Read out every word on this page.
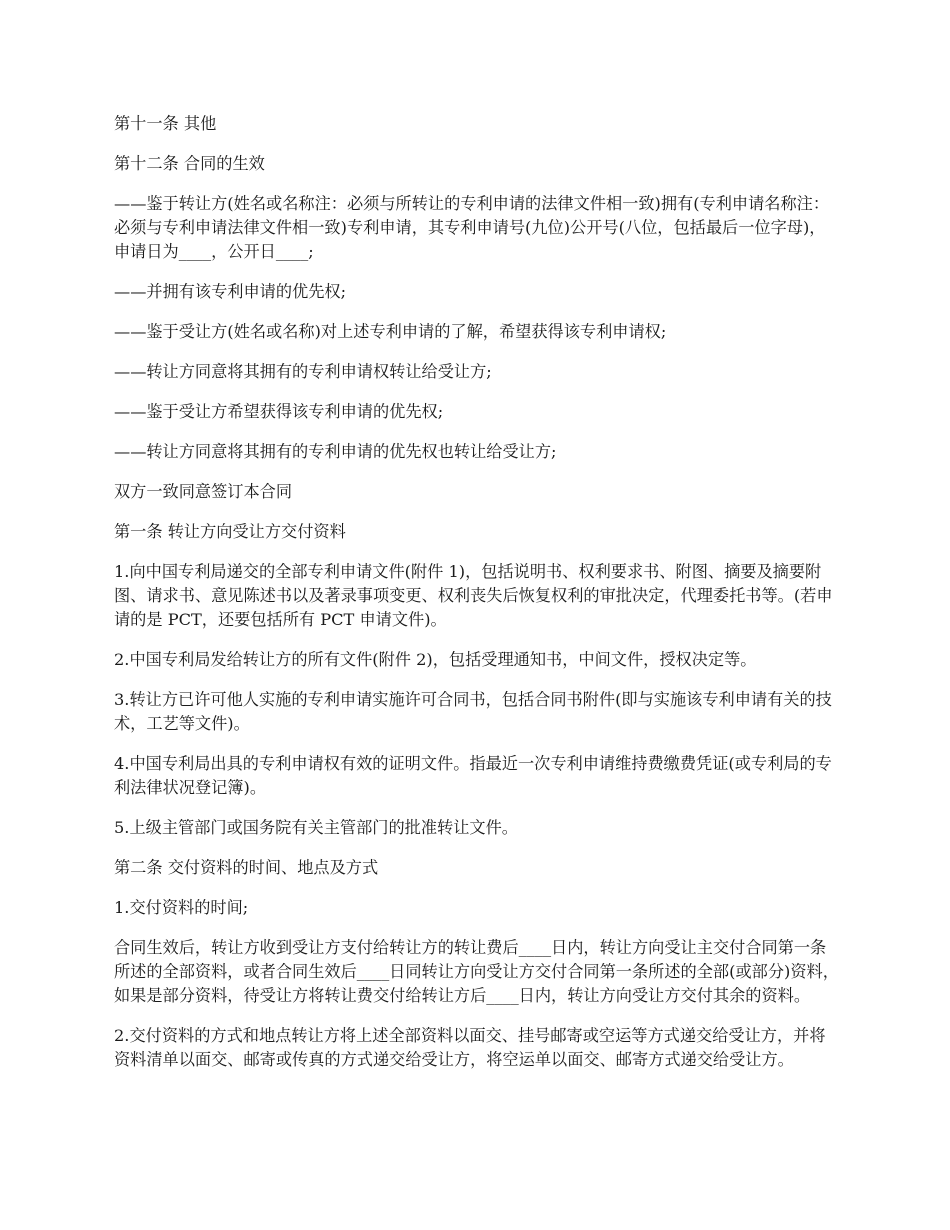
第十一条 其他

第十二条 合同的生效

——鉴于转让方(姓名或名称注：必须与所转让的专利申请的法律文件相一致)拥有(专利申请名称注：必须与专利申请法律文件相一致)专利申请，其专利申请号(九位)公开号(八位，包括最后一位字母)，申请日为____，公开日____;

——并拥有该专利申请的优先权;

——鉴于受让方(姓名或名称)对上述专利申请的了解，希望获得该专利申请权;

——转让方同意将其拥有的专利申请权转让给受让方;

——鉴于受让方希望获得该专利申请的优先权;

——转让方同意将其拥有的专利申请的优先权也转让给受让方;

双方一致同意签订本合同

第一条 转让方向受让方交付资料

1.向中国专利局递交的全部专利申请文件(附件 1)，包括说明书、权利要求书、附图、摘要及摘要附图、请求书、意见陈述书以及著录事项变更、权利丧失后恢复权利的审批决定，代理委托书等。(若申请的是 PCT，还要包括所有 PCT 申请文件)。

2.中国专利局发给转让方的所有文件(附件 2)，包括受理通知书，中间文件，授权决定等。

3.转让方已许可他人实施的专利申请实施许可合同书，包括合同书附件(即与实施该专利申请有关的技术，工艺等文件)。

4.中国专利局出具的专利申请权有效的证明文件。指最近一次专利申请维持费缴费凭证(或专利局的专利法律状况登记簿)。

5.上级主管部门或国务院有关主管部门的批准转让文件。

第二条 交付资料的时间、地点及方式

1.交付资料的时间;

合同生效后，转让方收到受让方支付给转让方的转让费后____日内，转让方向受让主交付合同第一条所述的全部资料，或者合同生效后____日同转让方向受让方交付合同第一条所述的全部(或部分)资料，如果是部分资料，待受让方将转让费交付给转让方后____日内，转让方向受让方交付其余的资料。

2.交付资料的方式和地点转让方将上述全部资料以面交、挂号邮寄或空运等方式递交给受让方，并将资料清单以面交、邮寄或传真的方式递交给受让方，将空运单以面交、邮寄方式递交给受让方。
